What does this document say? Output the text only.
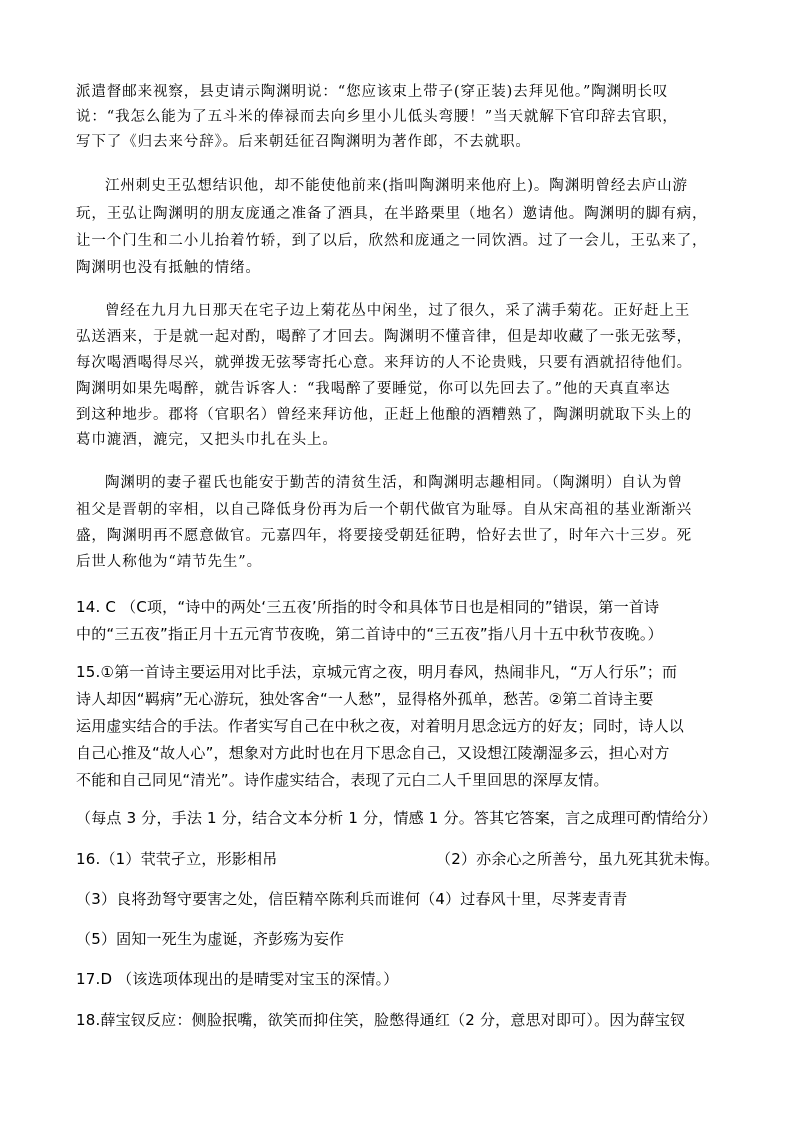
派遣督邮来视察，县吏请示陶渊明说：“您应该束上带子(穿正装)去拜见他。”陶渊明长叹
说：“我怎么能为了五斗米的俸禄而去向乡里小儿低头弯腰！”当天就解下官印辞去官职，
写下了《归去来兮辞》。后来朝廷征召陶渊明为著作郎，不去就职。
江州刺史王弘想结识他，却不能使他前来(指叫陶渊明来他府上)。陶渊明曾经去庐山游
玩，王弘让陶渊明的朋友庞通之准备了酒具，在半路栗里（地名）邀请他。陶渊明的脚有病，
让一个门生和二小儿抬着竹轿，到了以后，欣然和庞通之一同饮酒。过了一会儿，王弘来了，
陶渊明也没有抵触的情绪。
曾经在九月九日那天在宅子边上菊花丛中闲坐，过了很久，采了满手菊花。正好赶上王
弘送酒来，于是就一起对酌，喝醉了才回去。陶渊明不懂音律，但是却收藏了一张无弦琴，
每次喝酒喝得尽兴，就弹拨无弦琴寄托心意。来拜访的人不论贵贱，只要有酒就招待他们。
陶渊明如果先喝醉，就告诉客人：“我喝醉了要睡觉，你可以先回去了。”他的天真直率达
到这种地步。郡将（官职名）曾经来拜访他，正赶上他酿的酒糟熟了，陶渊明就取下头上的
葛巾漉酒，漉完，又把头巾扎在头上。
陶渊明的妻子翟氏也能安于勤苦的清贫生活，和陶渊明志趣相同。（陶渊明）自认为曾
祖父是晋朝的宰相，以自己降低身份再为后一个朝代做官为耻辱。自从宋高祖的基业渐渐兴
盛，陶渊明再不愿意做官。元嘉四年，将要接受朝廷征聘，恰好去世了，时年六十三岁。死
后世人称他为“靖节先生”。
14. C （C项，“诗中的两处‘三五夜’所指的时令和具体节日也是相同的”错误，第一首诗
中的“三五夜”指正月十五元宵节夜晚，第二首诗中的“三五夜”指八月十五中秋节夜晚。）
15.①第一首诗主要运用对比手法，京城元宵之夜，明月春风，热闹非凡，“万人行乐”；而
诗人却因“羁病”无心游玩，独处客舍“一人愁”，显得格外孤单，愁苦。②第二首诗主要
运用虚实结合的手法。作者实写自己在中秋之夜，对着明月思念远方的好友；同时，诗人以
自己心推及“故人心”，想象对方此时也在月下思念自己，又设想江陵潮湿多云，担心对方
不能和自己同见“清光”。诗作虚实结合，表现了元白二人千里回思的深厚友情。
（每点 3 分，手法 1 分，结合文本分析 1 分，情感 1 分。答其它答案，言之成理可酌情给分）
16.（1）茕茕孑立，形影相吊	（2）亦余心之所善兮，虽九死其犹未悔。
（3）良将劲弩守要害之处，信臣精卒陈利兵而谁何（4）过春风十里，尽荠麦青青
（5）固知一死生为虚诞，齐彭殇为妄作
17.D （该选项体现出的是晴雯对宝玉的深情。）
18.薛宝钗反应：侧脸抿嘴，欲笑而抑住笑，脸憋得通红（2 分，意思对即可）。因为薛宝钗
